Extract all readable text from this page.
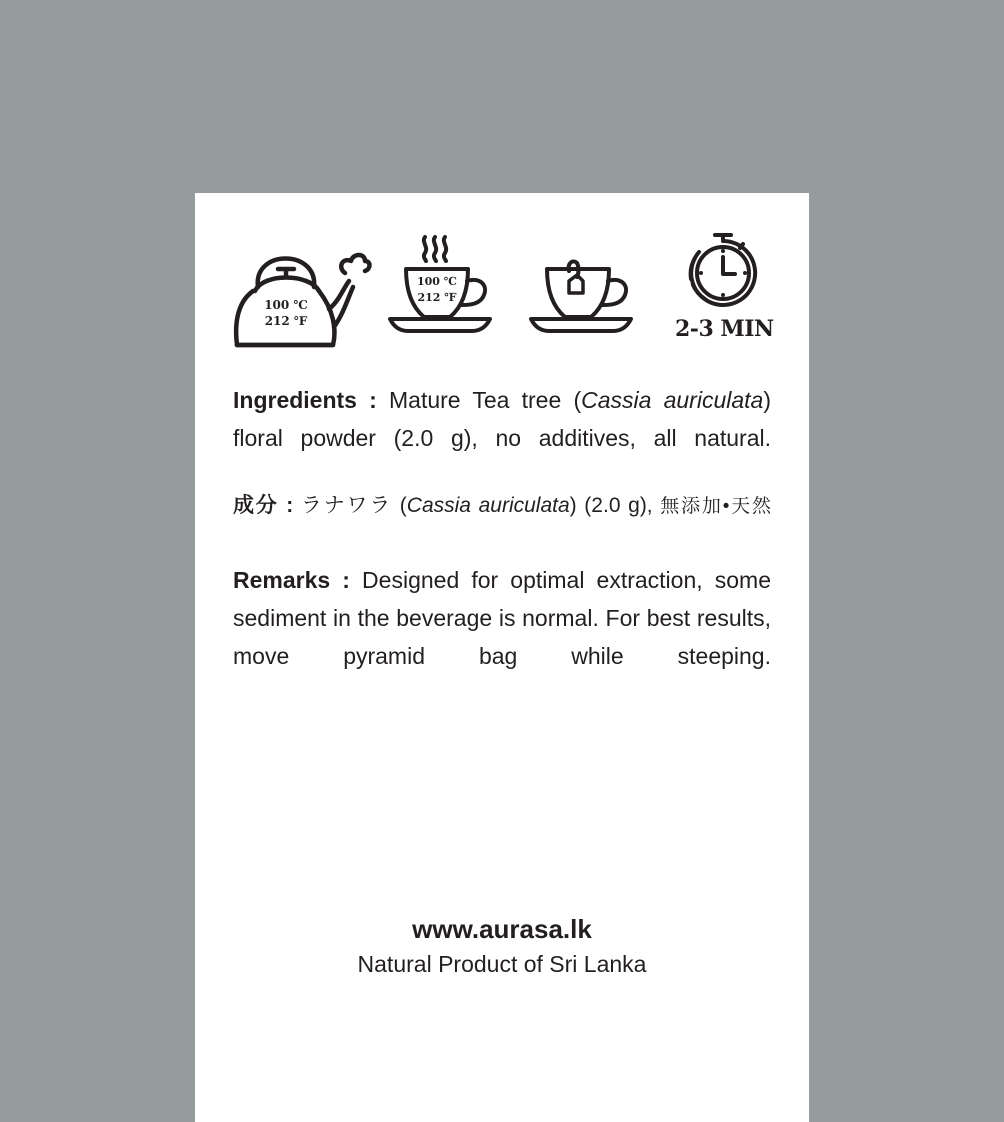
100 ℃
212 ℉
100 ℃
212 ℉
2-3 MIN

Ingredients : Mature Tea tree (Cassia auriculata) floral powder (2.0 g), no additives, all natural.

成分 : ラナワラ (Cassia auriculata) (2.0 g), 無添加•天然

Remarks : Designed for optimal extraction, some sediment in the beverage is normal. For best results, move pyramid bag while steeping.

www.aurasa.lk
Natural Product of Sri Lanka
